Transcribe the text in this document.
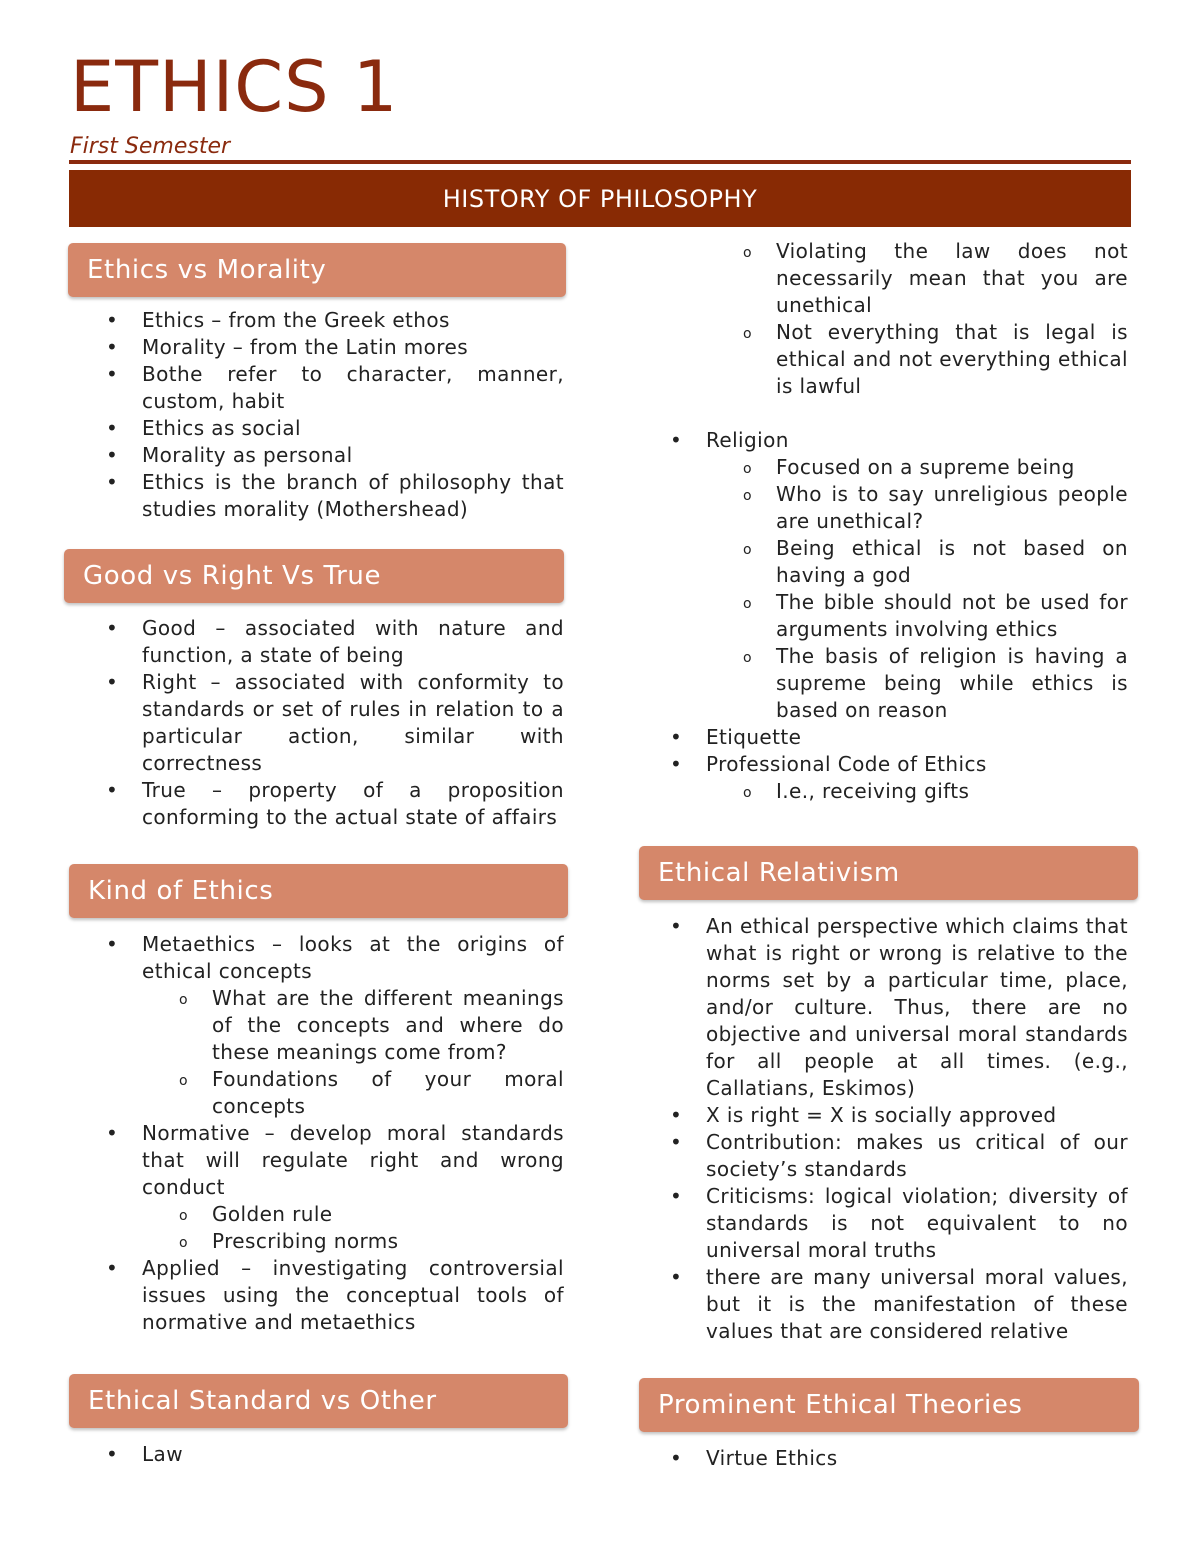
ETHICS 1
First Semester
HISTORY OF PHILOSOPHY
Ethics vs Morality
• Ethics – from the Greek ethos
• Morality – from the Latin mores
• Bothe refer to character, manner, custom, habit
• Ethics as social
• Morality as personal
• Ethics is the branch of philosophy that studies morality (Mothershead)
Good vs Right Vs True
• Good – associated with nature and function, a state of being
• Right – associated with conformity to standards or set of rules in relation to a particular action, similar with correctness
• True – property of a proposition conforming to the actual state of affairs
Kind of Ethics
• Metaethics – looks at the origins of ethical concepts
o What are the different meanings of the concepts and where do these meanings come from?
o Foundations of your moral concepts
• Normative – develop moral standards that will regulate right and wrong conduct
o Golden rule
o Prescribing norms
• Applied – investigating controversial issues using the conceptual tools of normative and metaethics
Ethical Standard vs Other
• Law
o Violating the law does not necessarily mean that you are unethical
o Not everything that is legal is ethical and not everything ethical is lawful
• Religion
o Focused on a supreme being
o Who is to say unreligious people are unethical?
o Being ethical is not based on having a god
o The bible should not be used for arguments involving ethics
o The basis of religion is having a supreme being while ethics is based on reason
• Etiquette
• Professional Code of Ethics
o I.e., receiving gifts
Ethical Relativism
• An ethical perspective which claims that what is right or wrong is relative to the norms set by a particular time, place, and/or culture. Thus, there are no objective and universal moral standards for all people at all times. (e.g., Callatians, Eskimos)
• X is right = X is socially approved
• Contribution: makes us critical of our society’s standards
• Criticisms: logical violation; diversity of standards is not equivalent to no universal moral truths
• there are many universal moral values, but it is the manifestation of these values that are considered relative
Prominent Ethical Theories
• Virtue Ethics
